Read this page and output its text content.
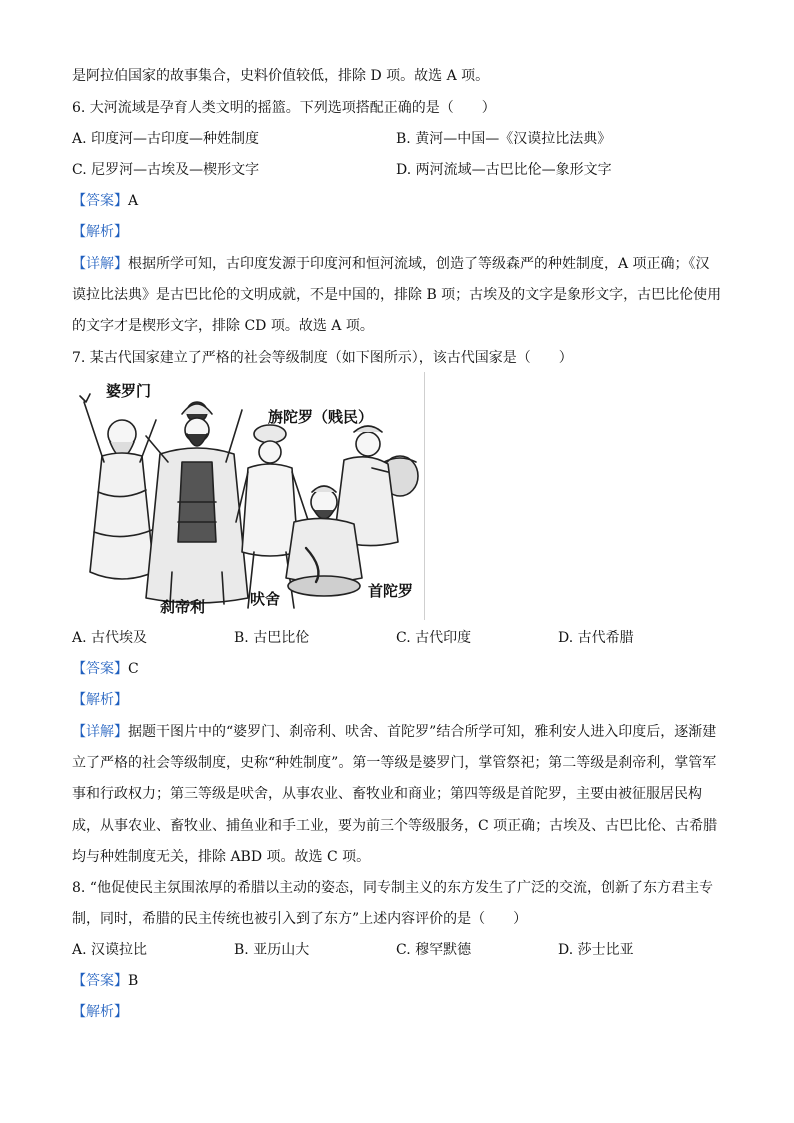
是阿拉伯国家的故事集合，史料价值较低，排除 D 项。故选 A 项。
6. 大河流域是孕育人类文明的摇篮。下列选项搭配正确的是（　　）
A. 印度河—古印度—种姓制度	B. 黄河—中国—《汉谟拉比法典》
C. 尼罗河—古埃及—楔形文字	D. 两河流域—古巴比伦—象形文字
【答案】A
【解析】
【详解】根据所学可知，古印度发源于印度河和恒河流域，创造了等级森严的种姓制度，A 项正确；《汉
谟拉比法典》是古巴比伦的文明成就，不是中国的，排除 B 项；古埃及的文字是象形文字，古巴比伦使用
的文字才是楔形文字，排除 CD 项。故选 A 项。
7. 某古代国家建立了严格的社会等级制度（如下图所示），该古代国家是（　　）
婆罗门
旃陀罗（贱民）
刹帝利	吠舍	首陀罗
A. 古代埃及	B. 古巴比伦	C. 古代印度	D. 古代希腊
【答案】C
【解析】
【详解】据题干图片中的“婆罗门、刹帝利、吠舍、首陀罗”结合所学可知，雅利安人进入印度后，逐渐建
立了严格的社会等级制度，史称“种姓制度”。第一等级是婆罗门，掌管祭祀；第二等级是刹帝利，掌管军
事和行政权力；第三等级是吠舍，从事农业、畜牧业和商业；第四等级是首陀罗，主要由被征服居民构
成，从事农业、畜牧业、捕鱼业和手工业，要为前三个等级服务，C 项正确；古埃及、古巴比伦、古希腊
均与种姓制度无关，排除 ABD 项。故选 C 项。
8. “他促使民主氛围浓厚的希腊以主动的姿态，同专制主义的东方发生了广泛的交流，创新了东方君主专
制，同时，希腊的民主传统也被引入到了东方”上述内容评价的是（　　）
A. 汉谟拉比	B. 亚历山大	C. 穆罕默德	D. 莎士比亚
【答案】B
【解析】
